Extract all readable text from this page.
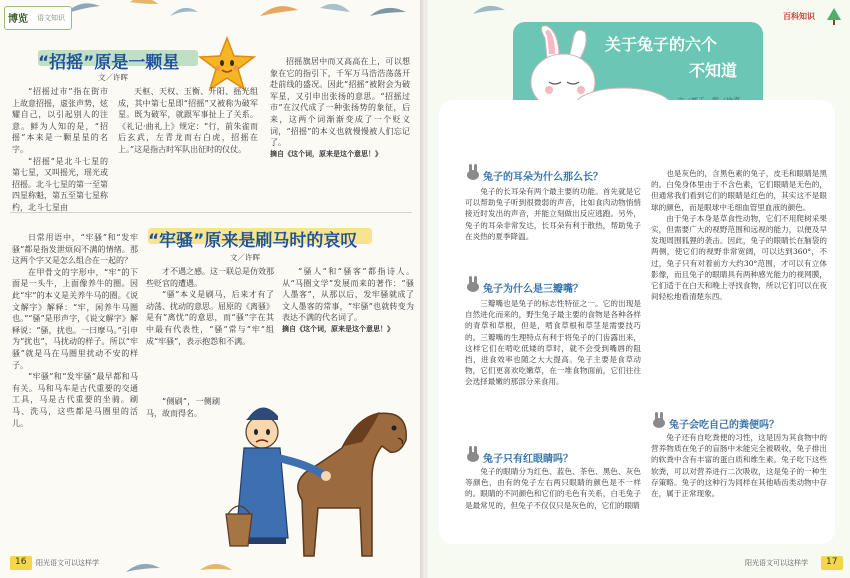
博览 语文知识
“招摇”原是一颗星
文／许晖

“招摇过市”指在街市上故意招摇，虚张声势，炫耀自己，以引起别人的注意。鲜为人知的是，“招摇”本来是一颗星星的名字。

“招摇”是北斗七星的第七星，又叫摇光，瑶光或招摇。北斗七星的第一至第四星称魁，第五至第七星称杓，北斗七星由

天枢、天权、玉衡、开阳、摇光组成，其中第七星即“招摇”又被称为破军星。既为破军，就跟军事扯上了关系。《礼记·曲礼上》规定：“行，前朱雀而后玄武，左青龙而右白虎，招摇在上。”这是指古时军队出征时的仪仗。

招摇旗居中而又高高在上，可以想象在它的指引下，千军万马浩浩荡荡开赴前线的盛况。因此“招摇”被附会为破军星，又引申出张扬的意思。“招摇过市”在汉代成了一种张扬势的象征，后来，这两个词渐渐变成了一个贬义词，“招摇”的本义也就慢慢被人们忘记了。

摘自《这个词，原来是这个意思！》

“牢骚”原来是刷马时的哀叹
文／许晖

日常用语中，“牢骚”和“发牢骚”都是指发泄烦闷不满的情绪。那这两个字又是怎么组合在一起的？

在甲骨文的字形中，“牢”的下面是一头牛，上面像养牛的圈。因此“牢”的本义是关养牛马的圈。《说文解字》解释：“牢，闲养牛马圈也。”“骚”是形声字，《说文解字》解释说：“骚，扰也。一曰摩马。”引申为“扰也”，马扰动的样子。所以“牢骚”就是马在马圈里扰动不安的样子。

“牢骚”和“发牢骚”最早都和马有关。马和马车是古代重要的交通工具，马是古代重要的坐骑。刷马、洗马，这些都是马圈里的活儿。

才不遇之感。这一联总是仿效那些贬官的遭遇。

“骚”本义是刷马，后来才有了动荡、扰动的意思。屈原的《离骚》是有“离忧”的意思，而“骚”字在其中最有代表性，“骚”常与“牢”组成“牢骚”，表示抱怨和不满。

“骚人”和“骚客”都指诗人。从“马圈文学”发展而来的著作：“骚人墨客”，从那以后，发牢骚就成了文人墨客的常事，“牢骚”也就转变为表达不满的代名词了。

摘自《这个词，原来是这个意思！》

“侧刷”，一侧刷马，故而得名。

16 阳光语文可以这样学
百科知识
关于兔子的六个
不知道
兔子的耳朵为什么那么长？

兔子的长耳朵有两个最主要的功能。首先就是它可以帮助兔子听到很微弱的声音，比如食肉动物悄悄接近时发出的声音，并能立刻做出反应逃跑。另外，兔子的耳朵非常发达，长耳朵有利于散热，帮助兔子在炎热的夏季降温。

兔子为什么是三瓣嘴？

三瓣嘴也是兔子的标志性特征之一。它的出现是自然进化而来的，野生兔子最主要的食物是各种各样的青草和草根，但是，啃食草根和草茎是需要技巧的。三瓣嘴的生理特点有利于将兔子的门齿露出来，这样它们在啃吃低矮的草时，就不会受到嘴唇的阻挡，进食效率也随之大大提高。兔子主要是食草动物，它们更喜欢吃嫩草，在一堆食物面前，它们往往会选择最嫩的那部分来食用。

兔子只有红眼睛吗？

兔子的眼睛分为红色、蓝色、茶色、黑色、灰色等颜色，由有的兔子左右两只眼睛的颜色是不一样的。眼睛的不同颜色和它们的毛色有关系，白毛兔子是最常见的，但兔子不仅仅只是灰色的，它们的眼睛

也是灰色的，含黑色素的兔子，皮毛和眼睛是黑的。白兔身体里由于不含色素，它们眼睛是无色的，但通常我们看到它们的眼睛是红色的，其实这不是眼球的颜色，而是眼球中毛细血管里血液的颜色。

由于兔子本身是草食性动物，它们不用爬树采果实，但需要广大的视野范围和远视的能力，以便及早发现周围狐狸的袭击。因此，兔子的眼睛长在脑袋的两侧，使它们的视野非常宽阔，可以达到360°，不过，兔子只有对着前方大约30°范围，才可以有立体影像，而且兔子的眼睛具有两种感光能力的视网膜，它们适于在白天和晚上寻找食物，所以它们可以在夜间轻松地看清楚东西。

兔子会吃自己的粪便吗？

兔子还有自吃粪便的习性，这是因为其食物中的营养物质在兔子的盲肠中未能完全被吸收，兔子排出的软粪中含有丰富的蛋白质和维生素。兔子吃下这些软粪，可以对营养进行二次吸收，这是兔子的一种生存策略。兔子的这种行为同样在其他啮齿类动物中存在，属于正常现象。

阳光语文可以这样学 17
